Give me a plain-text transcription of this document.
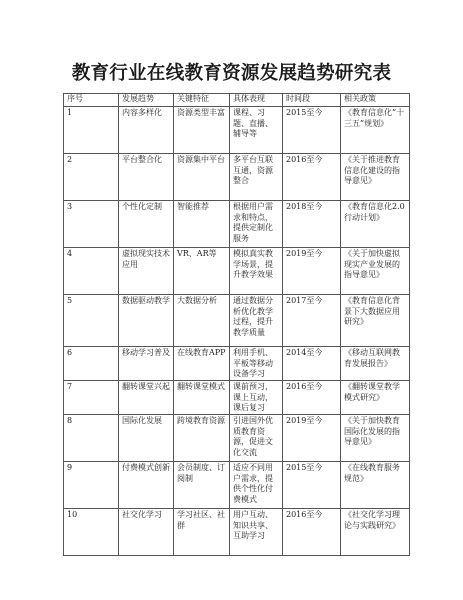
教育行业在线教育资源发展趋势研究表
序号	发展趋势	关键特征	具体表现	时间段	相关政策
1	内容多样化	资源类型丰富	课程、习题、直播、辅导等	2015至今	《教育信息化“十三五”规划》
2	平台整合化	资源集中平台	多平台互联互通，资源整合	2016至今	《关于推进教育信息化建设的指导意见》
3	个性化定制	智能推荐	根据用户需求和特点，提供定制化服务	2018至今	《教育信息化2.0行动计划》
4	虚拟现实技术应用	VR、AR等	模拟真实教学场景，提升教学效果	2019至今	《关于加快虚拟现实产业发展的指导意见》
5	数据驱动教学	大数据分析	通过数据分析优化教学过程，提升教学质量	2017至今	《教育信息化背景下大数据应用研究》
6	移动学习普及	在线教育APP	利用手机、平板等移动设备学习	2014至今	《移动互联网教育发展报告》
7	翻转课堂兴起	翻转课堂模式	课前预习，课上互动，课后复习	2016至今	《翻转课堂教学模式研究》
8	国际化发展	跨境教育资源	引进国外优质教育资源，促进文化交流	2019至今	《关于加快教育国际化发展的指导意见》
9	付费模式创新	会员制度、订阅制	适应不同用户需求，提供个性化付费模式	2015至今	《在线教育服务规范》
10	社交化学习	学习社区、社群	用户互动、知识共享、互助学习	2016至今	《社交化学习理论与实践研究》
